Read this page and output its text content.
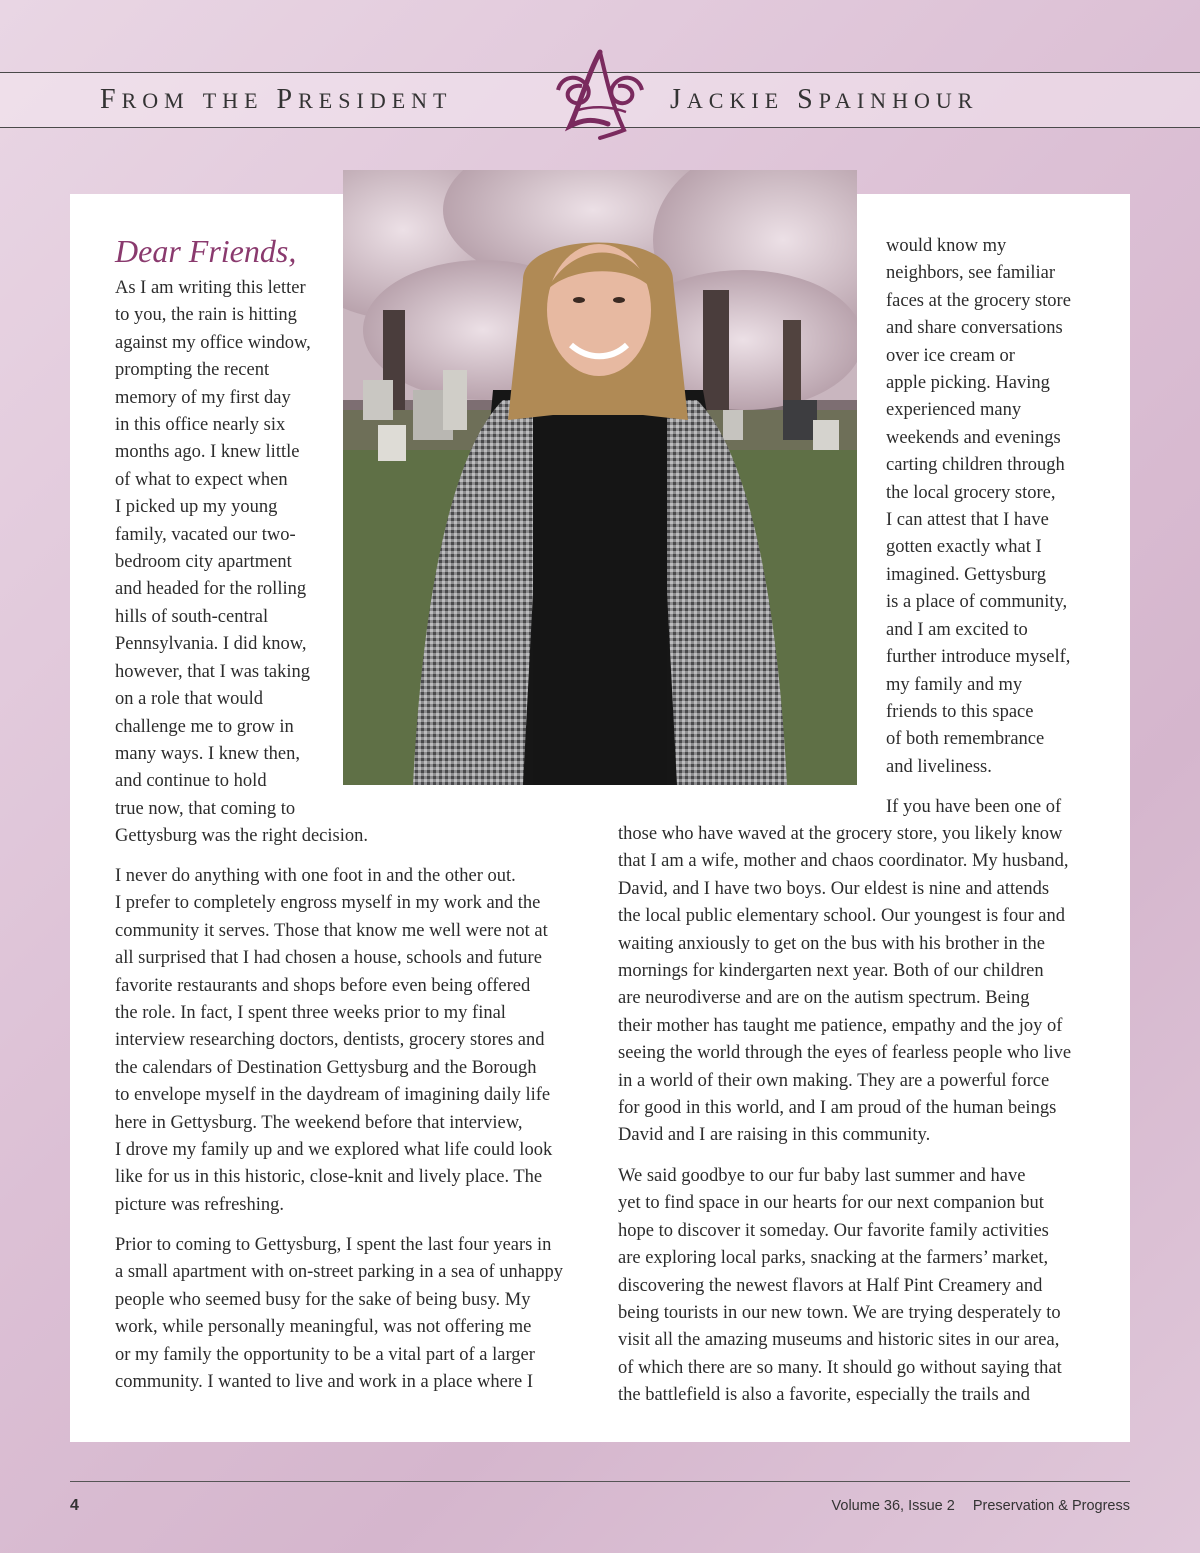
FROM THE PRESIDENT	JACKIE SPAINHOUR
Dear Friends,
As I am writing this letter
to you, the rain is hitting
against my office window,
prompting the recent
memory of my first day
in this office nearly six
months ago. I knew little
of what to expect when
I picked up my young
family, vacated our two-
bedroom city apartment
and headed for the rolling
hills of south-central
Pennsylvania. I did know,
however, that I was taking
on a role that would
challenge me to grow in
many ways. I knew then,
and continue to hold
true now, that coming to
Gettysburg was the right decision.
I never do anything with one foot in and the other out.
I prefer to completely engross myself in my work and the
community it serves. Those that know me well were not at
all surprised that I had chosen a house, schools and future
favorite restaurants and shops before even being offered
the role. In fact, I spent three weeks prior to my final
interview researching doctors, dentists, grocery stores and
the calendars of Destination Gettysburg and the Borough
to envelope myself in the daydream of imagining daily life
here in Gettysburg. The weekend before that interview,
I drove my family up and we explored what life could look
like for us in this historic, close-knit and lively place. The
picture was refreshing.
Prior to coming to Gettysburg, I spent the last four years in
a small apartment with on-street parking in a sea of unhappy
people who seemed busy for the sake of being busy. My
work, while personally meaningful, was not offering me
or my family the opportunity to be a vital part of a larger
community. I wanted to live and work in a place where I
would know my
neighbors, see familiar
faces at the grocery store
and share conversations
over ice cream or
apple picking. Having
experienced many
weekends and evenings
carting children through
the local grocery store,
I can attest that I have
gotten exactly what I
imagined. Gettysburg
is a place of community,
and I am excited to
further introduce myself,
my family and my
friends to this space
of both remembrance
and liveliness.
If you have been one of
those who have waved at the grocery store, you likely know
that I am a wife, mother and chaos coordinator. My husband,
David, and I have two boys. Our eldest is nine and attends
the local public elementary school. Our youngest is four and
waiting anxiously to get on the bus with his brother in the
mornings for kindergarten next year. Both of our children
are neurodiverse and are on the autism spectrum. Being
their mother has taught me patience, empathy and the joy of
seeing the world through the eyes of fearless people who live
in a world of their own making. They are a powerful force
for good in this world, and I am proud of the human beings
David and I are raising in this community.
We said goodbye to our fur baby last summer and have
yet to find space in our hearts for our next companion but
hope to discover it someday. Our favorite family activities
are exploring local parks, snacking at the farmers’ market,
discovering the newest flavors at Half Pint Creamery and
being tourists in our new town. We are trying desperately to
visit all the amazing museums and historic sites in our area,
of which there are so many. It should go without saying that
the battlefield is also a favorite, especially the trails and
4	Volume 36, Issue 2 Preservation & Progress
